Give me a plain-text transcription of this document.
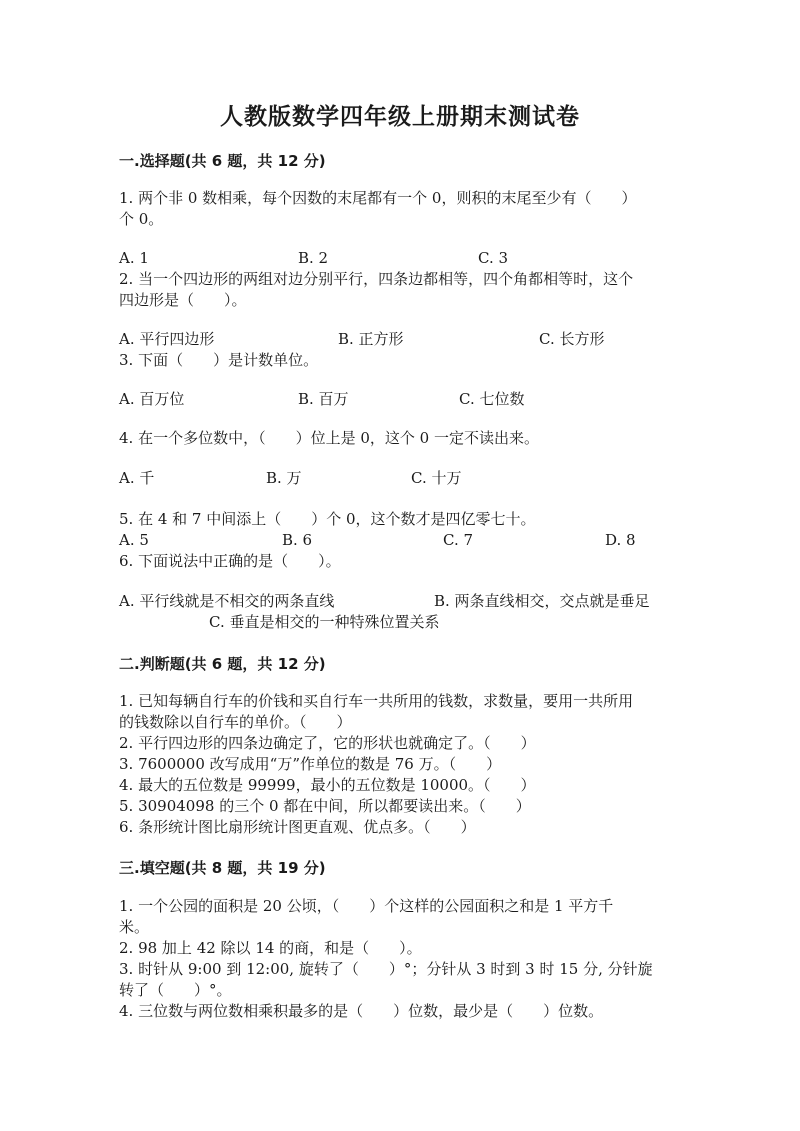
人教版数学四年级上册期末测试卷
一.选择题(共 6 题，共 12 分)
1. 两个非 0 数相乘，每个因数的末尾都有一个 0，则积的末尾至少有（　　）
个 0。
A. 1	B. 2	C. 3
2. 当一个四边形的两组对边分别平行，四条边都相等，四个角都相等时，这个
四边形是（　　）。
A. 平行四边形	B. 正方形	C. 长方形
3. 下面（　　）是计数单位。
A. 百万位	B. 百万	C. 七位数
4. 在一个多位数中，（　　）位上是 0，这个 0 一定不读出来。
A. 千	B. 万	C. 十万
5. 在 4 和 7 中间添上（　　）个 0，这个数才是四亿零七十。
A. 5	B. 6	C. 7	D. 8
6. 下面说法中正确的是（　　）。
A. 平行线就是不相交的两条直线	B. 两条直线相交，交点就是垂足
C. 垂直是相交的一种特殊位置关系
二.判断题(共 6 题，共 12 分)
1. 已知每辆自行车的价钱和买自行车一共所用的钱数，求数量，要用一共所用
的钱数除以自行车的单价。（　　）
2. 平行四边形的四条边确定了，它的形状也就确定了。（　　）
3. 7600000 改写成用“万”作单位的数是 76 万。（　　）
4. 最大的五位数是 99999，最小的五位数是 10000。（　　）
5. 30904098 的三个 0 都在中间，所以都要读出来。（　　）
6. 条形统计图比扇形统计图更直观、优点多。（　　）
三.填空题(共 8 题，共 19 分)
1. 一个公园的面积是 20 公顷，（　　）个这样的公园面积之和是 1 平方千
米。
2. 98 加上 42 除以 14 的商，和是（　　）。
3. 时针从 9:00 到 12:00, 旋转了（　　）°；分针从 3 时到 3 时 15 分, 分针旋
转了（　　）°。
4. 三位数与两位数相乘积最多的是（　　）位数，最少是（　　）位数。
